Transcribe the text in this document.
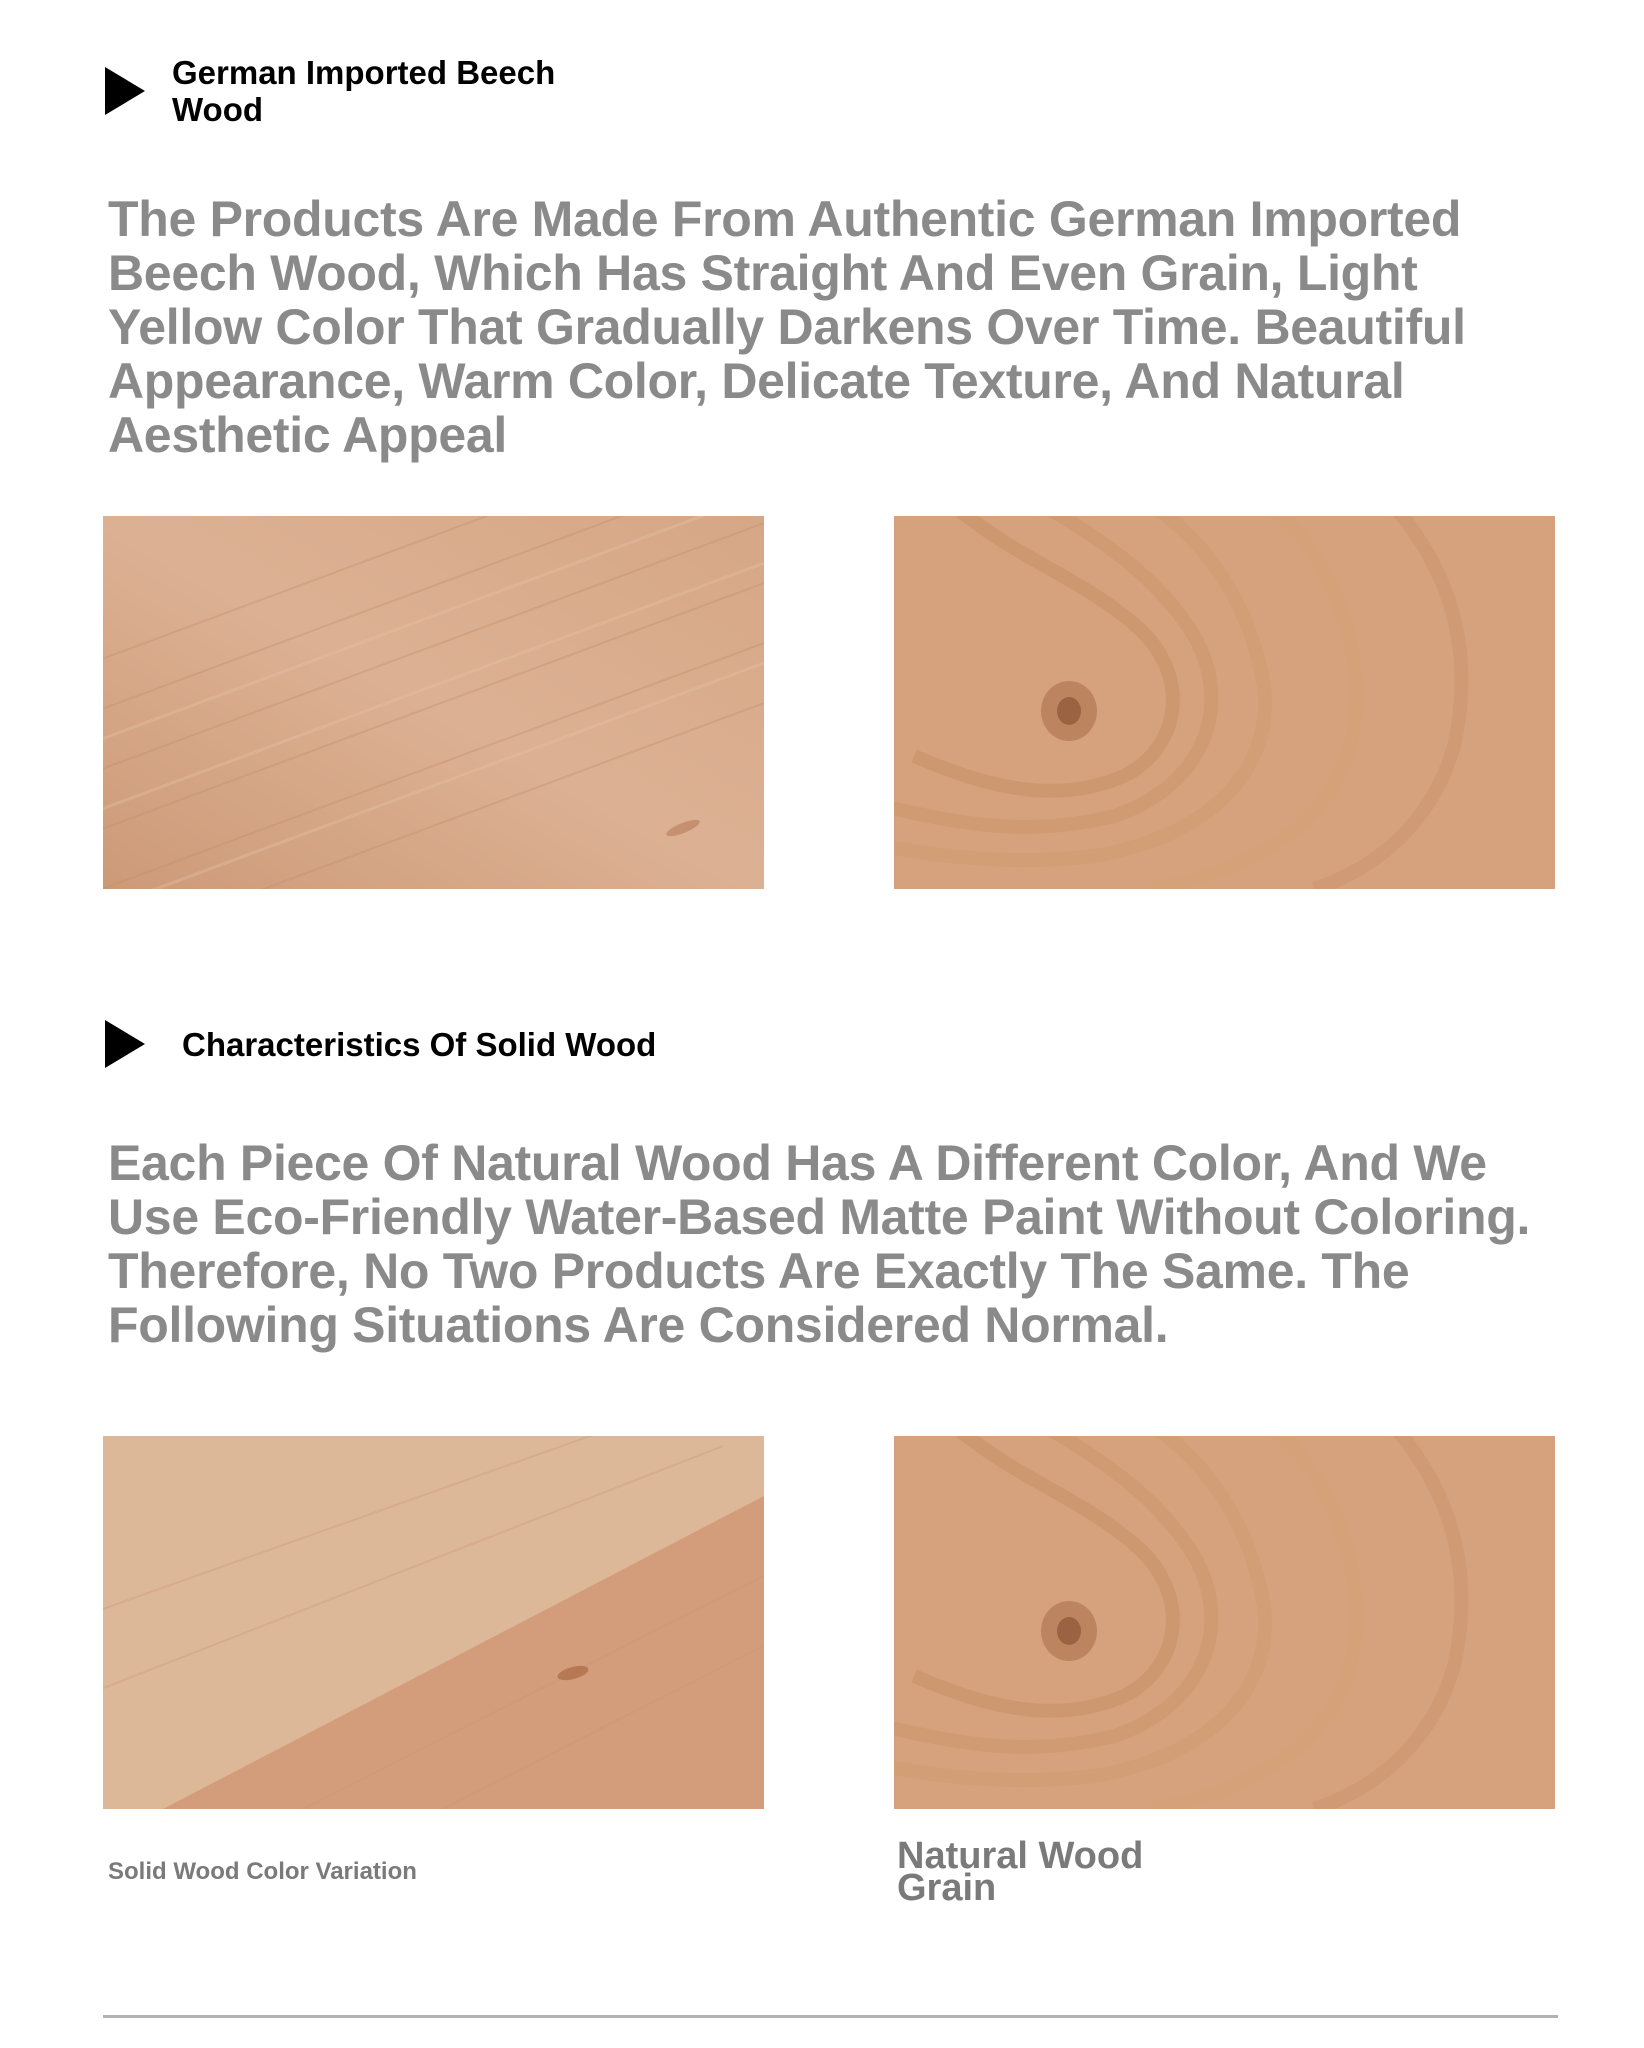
German Imported Beech Wood
The Products Are Made From Authentic German Imported Beech Wood, Which Has Straight And Even Grain, Light Yellow Color That Gradually Darkens Over Time. Beautiful Appearance, Warm Color, Delicate Texture, And Natural Aesthetic Appeal
Characteristics Of Solid Wood
Each Piece Of Natural Wood Has A Different Color, And We Use Eco-Friendly Water-Based Matte Paint Without Coloring. Therefore, No Two Products Are Exactly The Same. The Following Situations Are Considered Normal.
Solid Wood Color Variation	Natural Wood Grain
